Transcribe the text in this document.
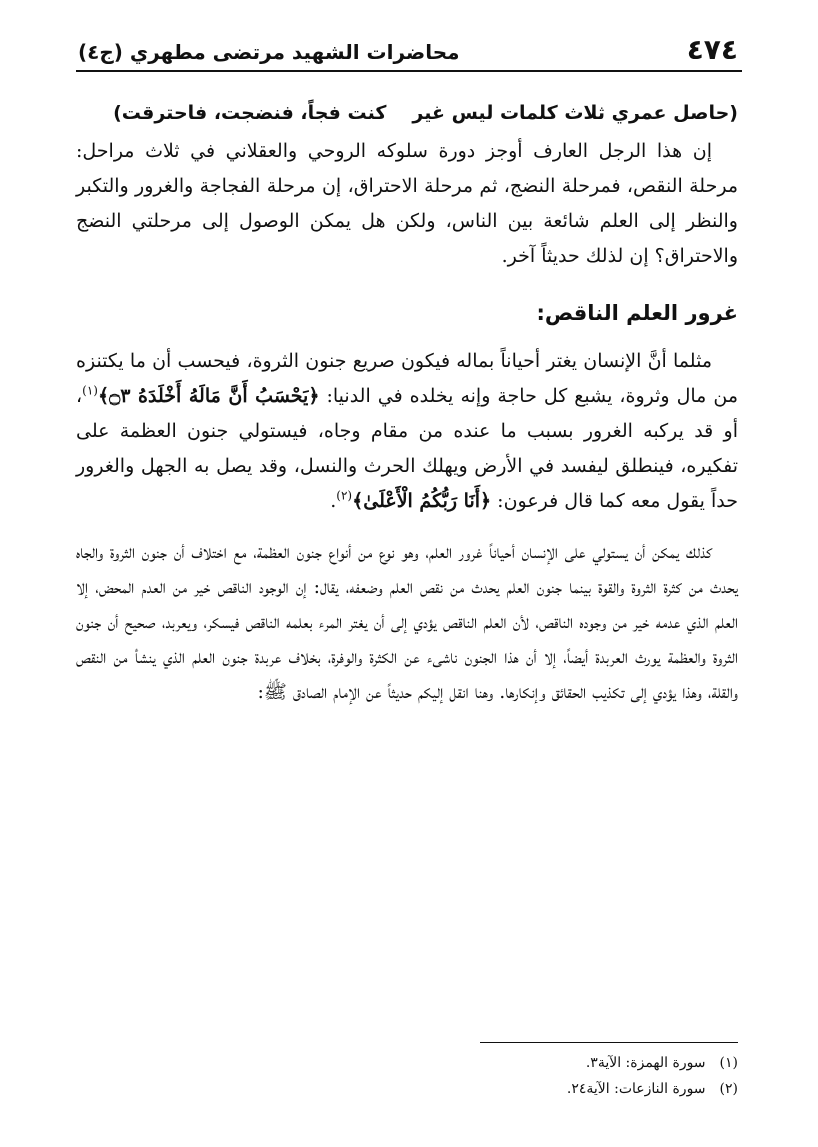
٤٧٤
محاضرات الشهيد مرتضى مطهري (ج٤)
(حاصل عمري ثلاث كلمات ليس غيركنت فجاً، فنضجت، فاحترقت)

إن هذا الرجل العارف أوجز دورة سلوكه الروحي والعقلاني في ثلاث مراحل: مرحلة النقص، فمرحلة النضج، ثم مرحلة الاحتراق، إن مرحلة الفجاجة والغرور والتكبر والنظر إلى العلم شائعة بين الناس، ولكن هل يمكن الوصول إلى مرحلتي النضج والاحتراق؟ إن لذلك حديثاً آخر.

غرور العلم الناقص:

مثلما أنَّ الإنسان يغتر أحياناً بماله فيكون صريع جنون الثروة، فيحسب أن ما يكتنزه من مال وثروة، يشبع كل حاجة وإنه يخلده في الدنيا: ﴿يَحْسَبُ أَنَّ مَالَهُ أَخْلَدَهُ ۝٣﴾$^{(١)}$، أو قد يركبه الغرور بسبب ما عنده من مقام وجاه، فيستولي جنون العظمة على تفكيره، فينطلق ليفسد في الأرض ويهلك الحرث والنسل، وقد يصل به الجهل والغرور حداً يقول معه كما قال فرعون: ﴿أَنَا رَبُّكُمُ الْأَعْلَىٰ﴾$^{(٢)}$.

كذلك يمكن أن يستولي على الإنسان أحياناً غرور العلم، وهو نوع من أنواع جنون العظمة، مع اختلاف أن جنون الثروة والجاه يحدث من كثرة الثروة والقوة بينما جنون العلم يحدث من نقص العلم وضعفه، يقال: إن الوجود الناقص خير من العدم المحض، إلا العلم الذي عدمه خير من وجوده الناقص، لأن العلم الناقص يؤدي إلى أن يغتر المرء بعلمه الناقص فيسكر، ويعربد، صحيح أن جنون الثروة والعظمة يورث العربدة أيضاً، إلا أن هذا الجنون ناشىء عن الكثرة والوفرة، بخلاف عربدة جنون العلم الذي ينشأ من النقص والقلة، وهذا يؤدي إلى تكذيب الحقائق وإنكارها. وهنا انقل إليكم حديثاً عن الإمام الصادق ﷺ:

(١) سورة الهمزة: الآية٣.

(٢) سورة النازعات: الآية٢٤.
